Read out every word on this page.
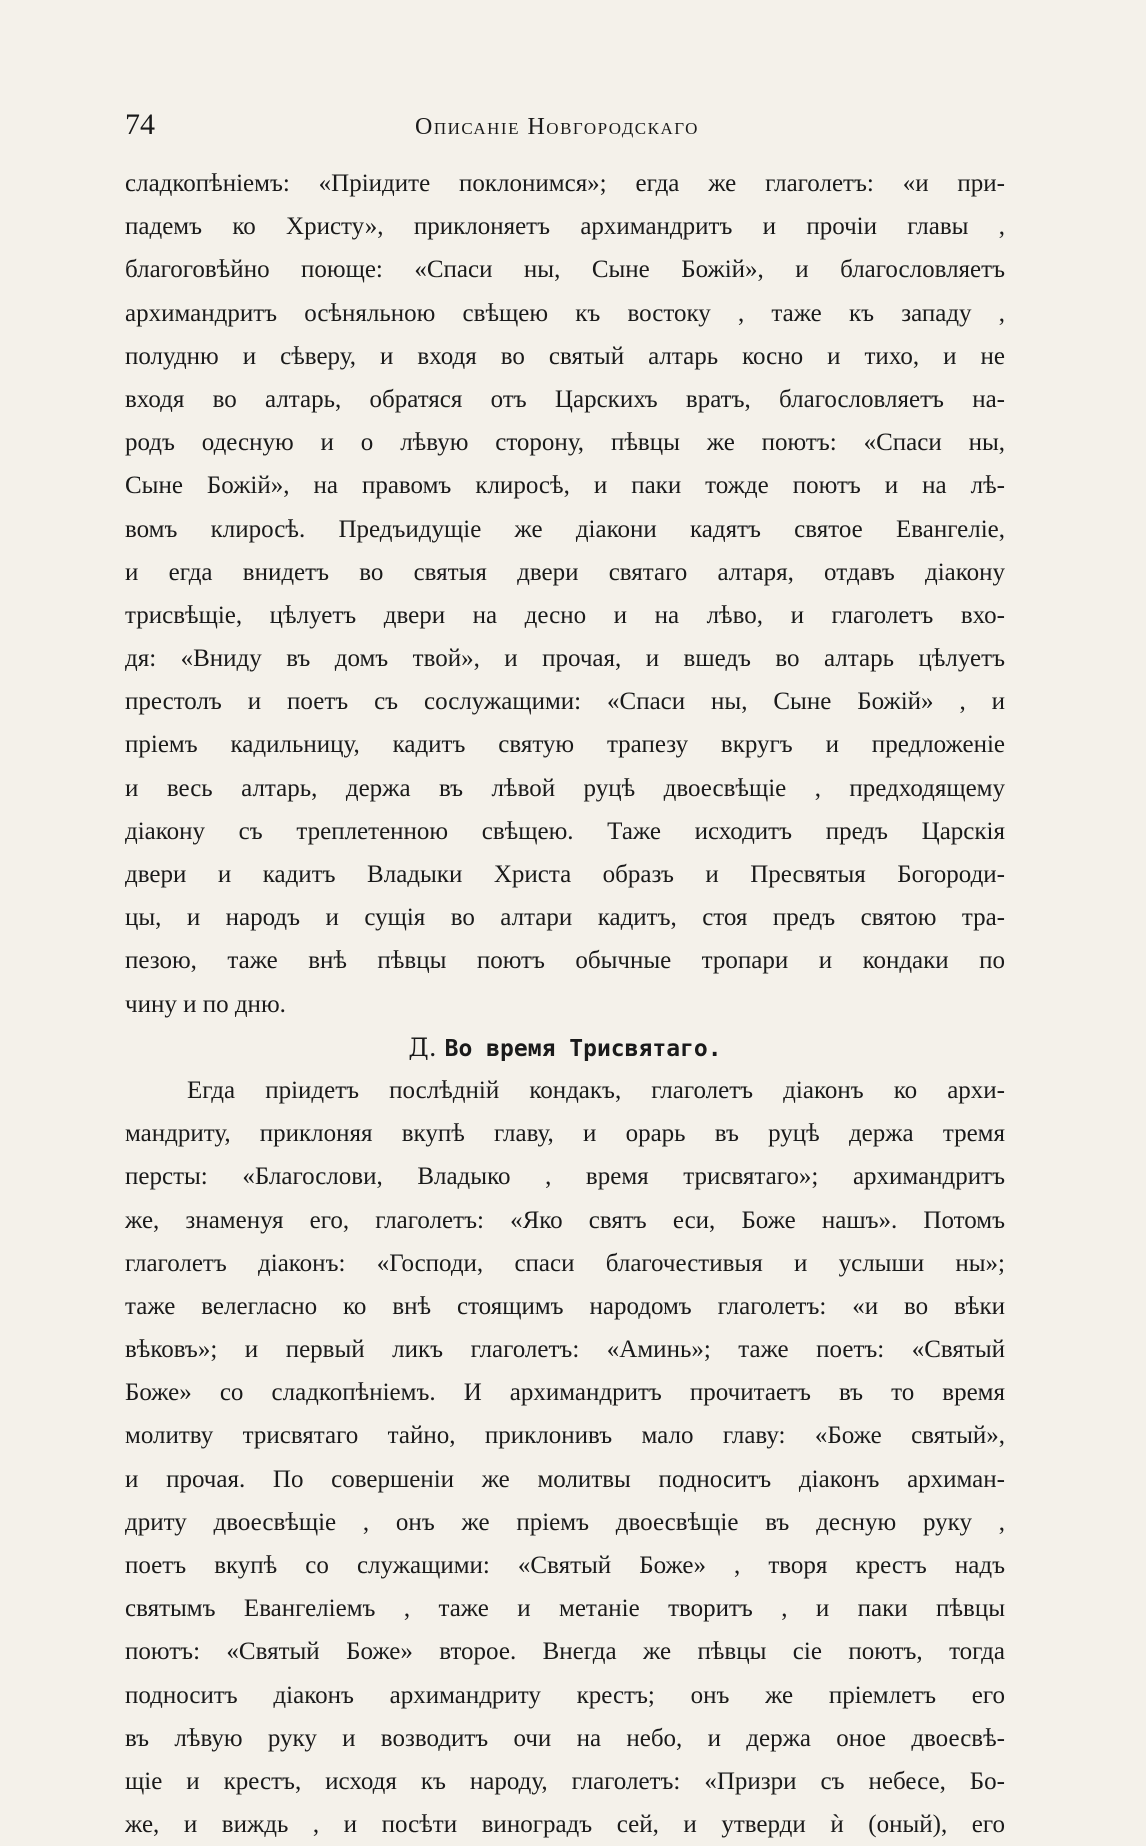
74	Описаніе Новгородскаго
сладкопѣніемъ: «Пріидите поклонимся»; егда же глаголетъ: «и при-
падемъ ко Христу», приклоняетъ архимандритъ и прочіи главы ,
благоговѣйно поюще: «Спаси ны, Сыне Божій», и благословляетъ
архимандритъ осѣняльною свѣщею къ востоку , таже къ западу ,
полудню и сѣверу, и входя во святый алтарь косно и тихо, и не
входя во алтарь, обратяся отъ Царскихъ вратъ, благословляетъ на-
родъ одесную и о лѣвую сторону, пѣвцы же поютъ: «Спаси ны,
Сыне Божій», на правомъ клиросѣ, и паки тожде поютъ и на лѣ-
вомъ клиросѣ. Предъидущіе же діакони кадятъ святое Евангеліе,
и егда внидетъ во святыя двери святаго алтаря, отдавъ діакону
трисвѣщіе, цѣлуетъ двери на десно и на лѣво, и глаголетъ вхо-
дя: «Вниду въ домъ твой», и прочая, и вшедъ во алтарь цѣлуетъ
престолъ и поетъ съ сослужащими: «Спаси ны, Сыне Божій» , и
пріемъ кадильницу, кадитъ святую трапезу вкругъ и предложеніе
и весь алтарь, держа въ лѣвой руцѣ двоесвѣщіе , предходящему
діакону съ треплетенною свѣщею. Таже исходитъ предъ Царскія
двери и кадитъ Владыки Христа образъ и Пресвятыя Богороди-
цы, и народъ и сущія во алтари кадитъ, стоя предъ святою тра-
пезою, таже внѣ пѣвцы поютъ обычные тропари и кондаки по
чину и по дню.
Д. Во время Трисвятаго.
Егда пріидетъ послѣдній кондакъ, глаголетъ діаконъ ко архи-
мандриту, приклоняя вкупѣ главу, и орарь въ руцѣ держа тремя
персты: «Благослови, Владыко , время трисвятаго»; архимандритъ
же, знаменуя его, глаголетъ: «Яко святъ еси, Боже нашъ». Потомъ
глаголетъ діаконъ: «Господи, спаси благочестивыя и услыши ны»;
таже велегласно ко внѣ стоящимъ народомъ глаголетъ: «и во вѣки
вѣковъ»; и первый ликъ глаголетъ: «Аминь»; таже поетъ: «Святый
Боже» со сладкопѣніемъ. И архимандритъ прочитаетъ въ то время
молитву трисвятаго тайно, приклонивъ мало главу: «Боже святый»,
и прочая. По совершеніи же молитвы подноситъ діаконъ архиман-
дриту двоесвѣщіе , онъ же пріемъ двоесвѣщіе въ десную руку ,
поетъ вкупѣ со служащими: «Святый Боже» , творя крестъ надъ
святымъ Евангеліемъ , таже и метаніе творитъ , и паки пѣвцы
поютъ: «Святый Боже» второе. Внегда же пѣвцы сіе поютъ, тогда
подноситъ діаконъ архимандриту крестъ; онъ же пріемлетъ его
въ лѣвую руку и возводитъ очи на небо, и держа оное двоесвѣ-
щіе и крестъ, исходя къ народу, глаголетъ: «Призри съ небесе, Бо-
же, и виждь , и посѣти виноградъ сей, и утверди ѝ (оный), его
